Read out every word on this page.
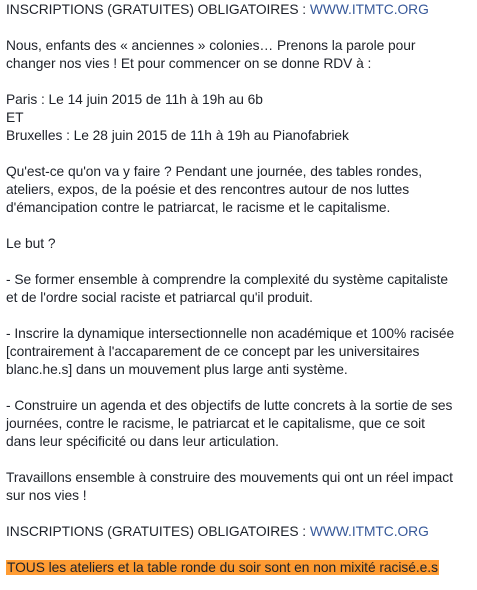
INSCRIPTIONS (GRATUITES) OBLIGATOIRES : WWW.ITMTC.ORG

Nous, enfants des « anciennes » colonies… Prenons la parole pour
changer nos vies ! Et pour commencer on se donne RDV à :

Paris : Le 14 juin 2015 de 11h à 19h au 6b
ET
Bruxelles : Le 28 juin 2015 de 11h à 19h au Pianofabriek

Qu'est-ce qu'on va y faire ? Pendant une journée, des tables rondes,
ateliers, expos, de la poésie et des rencontres autour de nos luttes
d'émancipation contre le patriarcat, le racisme et le capitalisme.

Le but ?

- Se former ensemble à comprendre la complexité du système capitaliste
et de l'ordre social raciste et patriarcal qu'il produit.

- Inscrire la dynamique intersectionnelle non académique et 100% racisée
[contrairement à l'accaparement de ce concept par les universitaires
blanc.he.s] dans un mouvement plus large anti système.

- Construire un agenda et des objectifs de lutte concrets à la sortie de ses
journées, contre le racisme, le patriarcat et le capitalisme, que ce soit
dans leur spécificité ou dans leur articulation.

Travaillons ensemble à construire des mouvements qui ont un réel impact
sur nos vies !

INSCRIPTIONS (GRATUITES) OBLIGATOIRES : WWW.ITMTC.ORG

TOUS les ateliers et la table ronde du soir sont en non mixité racisé.e.s
